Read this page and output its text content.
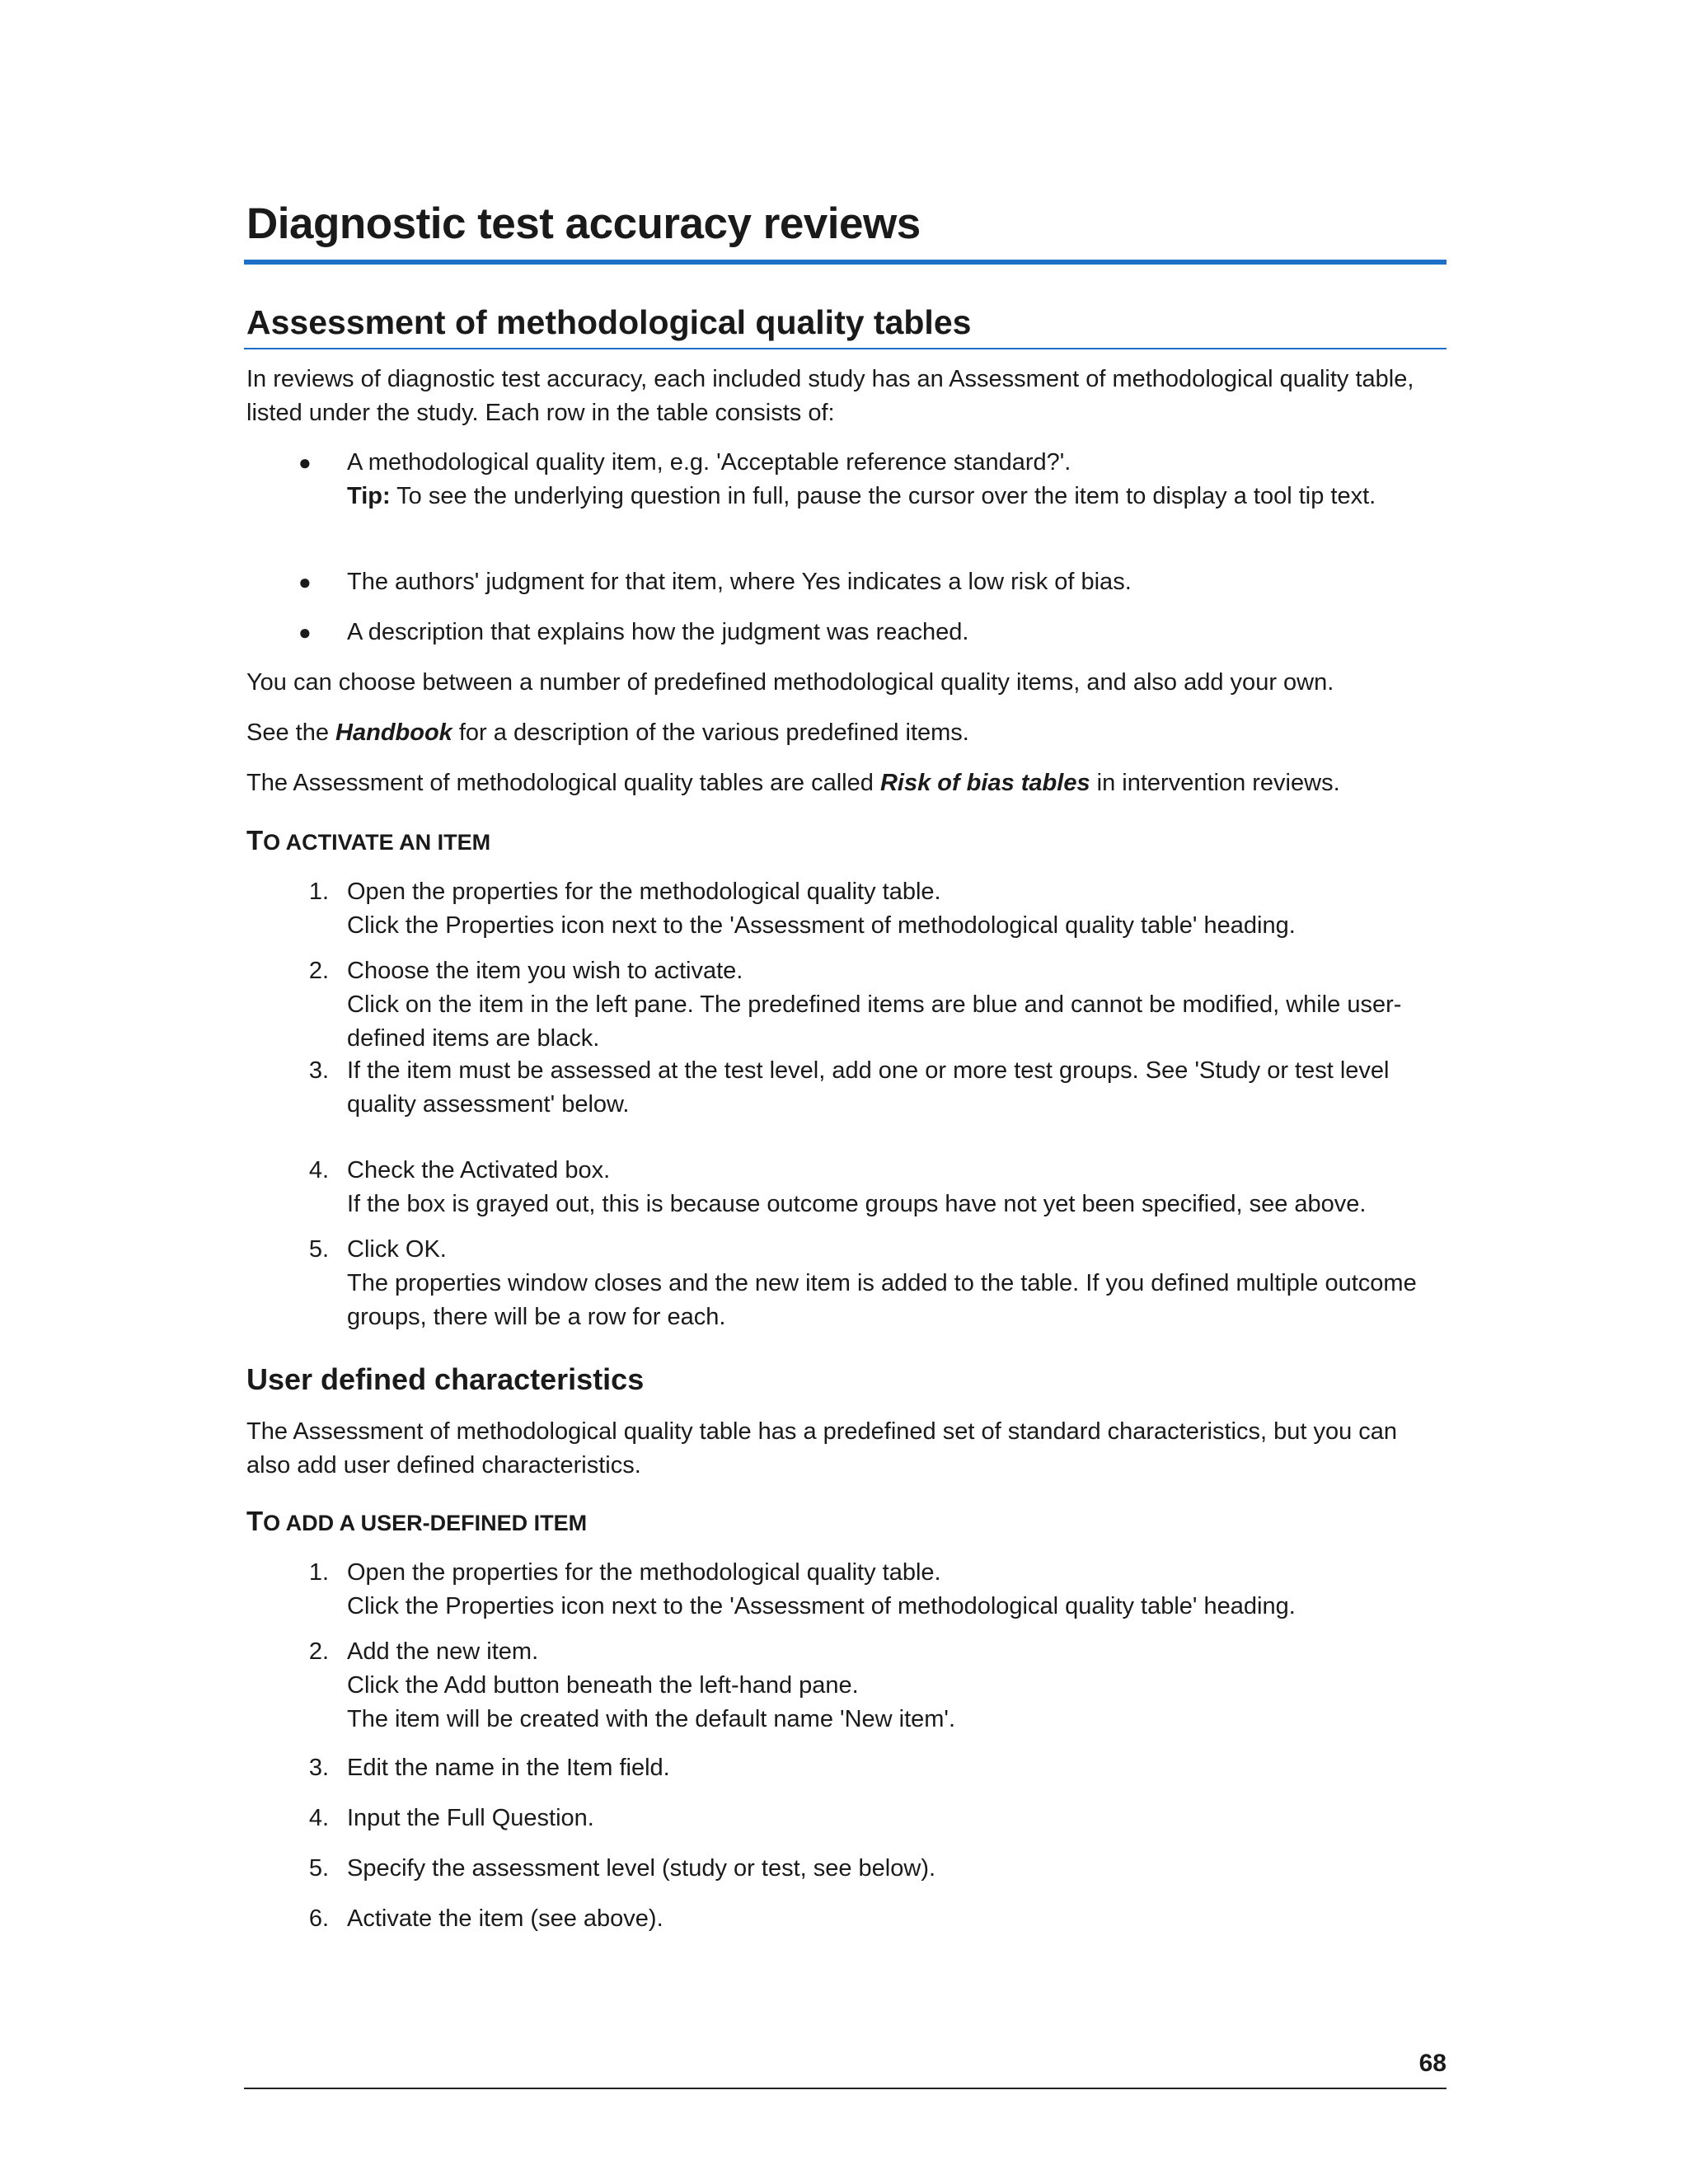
Diagnostic test accuracy reviews
Assessment of methodological quality tables

In reviews of diagnostic test accuracy, each included study has an Assessment of methodological quality table, listed under the study. Each row in the table consists of:

● A methodological quality item, e.g. 'Acceptable reference standard?'.
Tip: To see the underlying question in full, pause the cursor over the item to display a tool tip text.
● The authors' judgment for that item, where Yes indicates a low risk of bias.
● A description that explains how the judgment was reached.

You can choose between a number of predefined methodological quality items, and also add your own.

See the Handbook for a description of the various predefined items.

The Assessment of methodological quality tables are called Risk of bias tables in intervention reviews.

TO ACTIVATE AN ITEM
1. Open the properties for the methodological quality table.
Click the Properties icon next to the 'Assessment of methodological quality table' heading.
2. Choose the item you wish to activate.
Click on the item in the left pane. The predefined items are blue and cannot be modified, while user-defined items are black.
3. If the item must be assessed at the test level, add one or more test groups. See 'Study or test level quality assessment' below.
4. Check the Activated box.
If the box is grayed out, this is because outcome groups have not yet been specified, see above.
5. Click OK.
The properties window closes and the new item is added to the table. If you defined multiple outcome groups, there will be a row for each.
User defined characteristics

The Assessment of methodological quality table has a predefined set of standard characteristics, but you can also add user defined characteristics.

TO ADD A USER-DEFINED ITEM
1. Open the properties for the methodological quality table.
Click the Properties icon next to the 'Assessment of methodological quality table' heading.
2. Add the new item.
Click the Add button beneath the left-hand pane.
The item will be created with the default name 'New item'.
3. Edit the name in the Item field.
4. Input the Full Question.
5. Specify the assessment level (study or test, see below).
6. Activate the item (see above).
68
